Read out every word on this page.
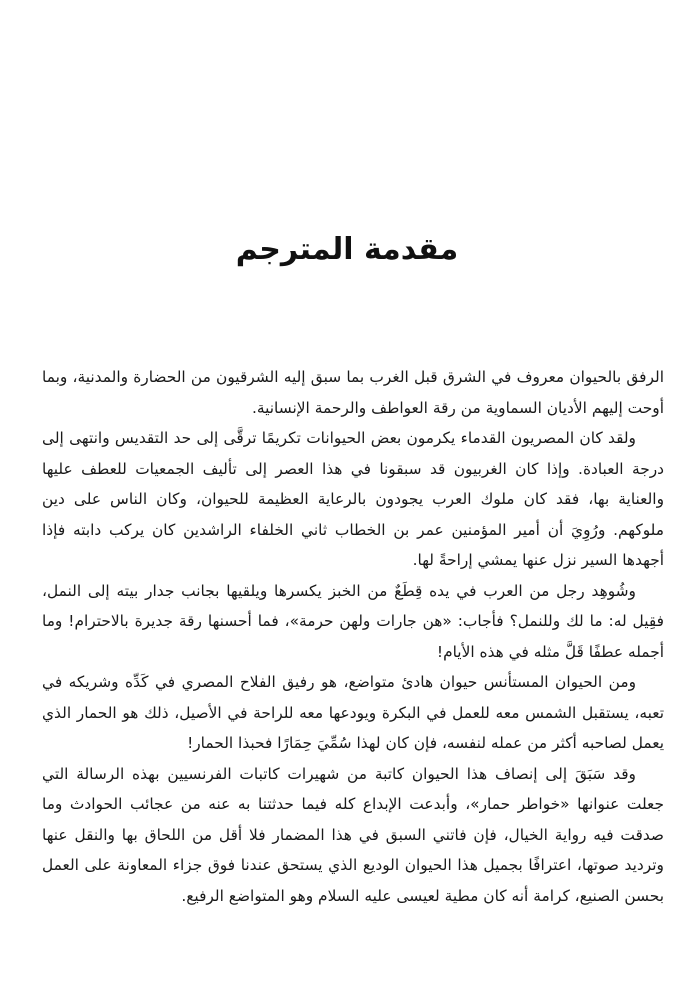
مقدمة المترجم

الرفق بالحيوان معروف في الشرق قبل الغرب بما سبق إليه الشرقيون من الحضارة والمدنية، وبما أوحت إليهم الأديان السماوية من رقة العواطف والرحمة الإنسانية.

ولقد كان المصريون القدماء يكرمون بعض الحيوانات تكريمًا ترقَّى إلى حد التقديس وانتهى إلى درجة العبادة. وإذا كان الغربيون قد سبقونا في هذا العصر إلى تأليف الجمعيات للعطف عليها والعناية بها، فقد كان ملوك العرب يجودون بالرعاية العظيمة للحيوان، وكان الناس على دين ملوكهم. ورُوِيَ أن أمير المؤمنين عمر بن الخطاب ثاني الخلفاء الراشدين كان يركب دابته فإذا أجهدها السير نزل عنها يمشي إراحةً لها.

وشُوهِد رجل من العرب في يده قِطَعٌ من الخبز يكسرها ويلقيها بجانب جدار بيته إلى النمل، فقِيل له: ما لك وللنمل؟ فأجاب: «هن جارات ولهن حرمة»، فما أحسنها رقة جديرة بالاحترام! وما أجمله عطفًا قَلَّ مثله في هذه الأيام!

ومن الحيوان المستأنس حيوان هادئ متواضع، هو رفيق الفلاح المصري في كَدِّه وشريكه في تعبه، يستقبل الشمس معه للعمل في البكرة ويودعها معه للراحة في الأصيل، ذلك هو الحمار الذي يعمل لصاحبه أكثر من عمله لنفسه، فإن كان لهذا سُمِّيَ حِمَارًا فحبذا الحمار!

وقد سَبَقَ إلى إنصاف هذا الحيوان كاتبة من شهيرات كاتبات الفرنسيين بهذه الرسالة التي جعلت عنوانها «خواطر حمار»، وأبدعت الإبداع كله فيما حدثتنا به عنه من عجائب الحوادث وما صدقت فيه رواية الخيال، فإن فاتني السبق في هذا المضمار فلا أقل من اللحاق بها والنقل عنها وترديد صوتها، اعترافًا بجميل هذا الحيوان الوديع الذي يستحق عندنا فوق جزاء المعاونة على العمل بحسن الصنيع، كرامة أنه كان مطية لعيسى عليه السلام وهو المتواضع الرفيع.
